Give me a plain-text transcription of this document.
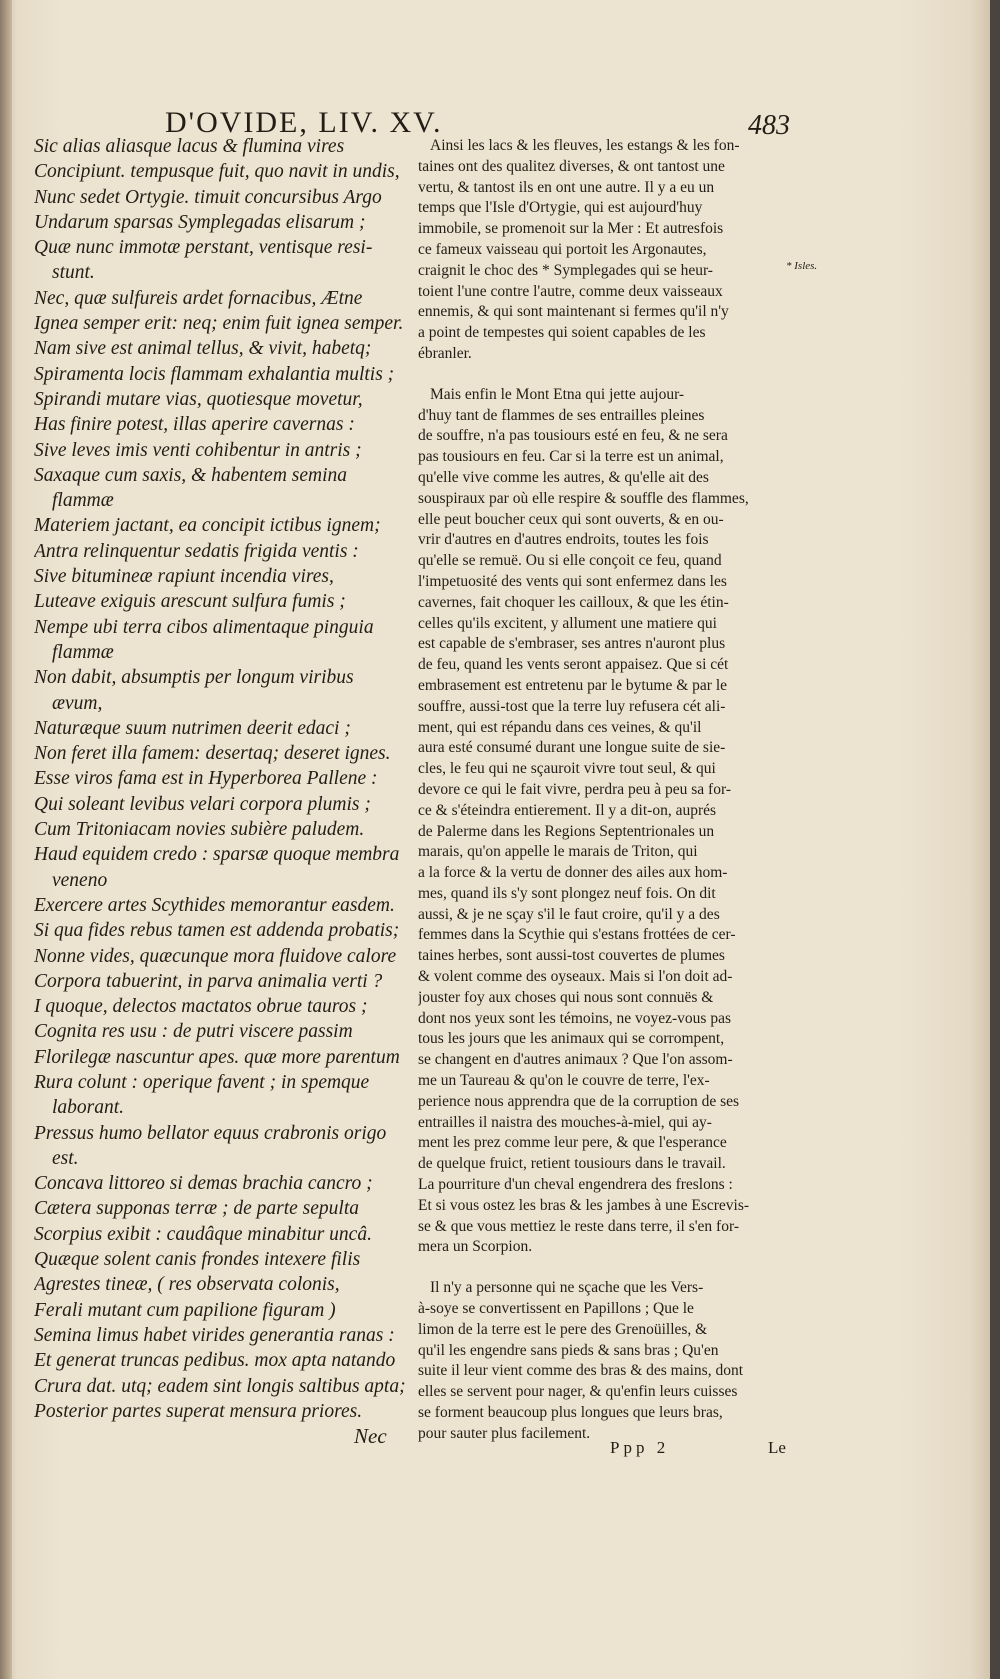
D'OVIDE, LIV. XV.	483
Sic alias aliasque lacus & flumina vires
Concipiunt. tempusque fuit, quo navit in undis,
Nunc sedet Ortygie. timuit concursibus Argo
Undarum sparsas Symplegadas elisarum ;
Quæ nunc immotæ perstant, ventisque resi-
stunt.
Nec, quæ sulfureis ardet fornacibus, Ætne
Ignea semper erit: neq; enim fuit ignea semper.
Nam sive est animal tellus, & vivit, habetq;
Spiramenta locis flammam exhalantia multis ;
Spirandi mutare vias, quotiesque movetur,
Has finire potest, illas aperire cavernas :
Sive leves imis venti cohibentur in antris ;
Saxaque cum saxis, & habentem semina
flammæ
Materiem jactant, ea concipit ictibus ignem;
Antra relinquentur sedatis frigida ventis :
Sive bitumineæ rapiunt incendia vires,
Luteave exiguis arescunt sulfura fumis ;
Nempe ubi terra cibos alimentaque pinguia
flammæ
Non dabit, absumptis per longum viribus
ævum,
Naturæque suum nutrimen deerit edaci ;
Non feret illa famem: desertaq; deseret ignes.
Esse viros fama est in Hyperborea Pallene :
Qui soleant levibus velari corpora plumis ;
Cum Tritoniacam novies subière paludem.
Haud equidem credo : sparsæ quoque membra
veneno
Exercere artes Scythides memorantur easdem.
Si qua fides rebus tamen est addenda probatis;
Nonne vides, quæcunque mora fluidove calore
Corpora tabuerint, in parva animalia verti ?
I quoque, delectos mactatos obrue tauros ;
Cognita res usu : de putri viscere passim
Florilegæ nascuntur apes. quæ more parentum
Rura colunt : operique favent ; in spemque
laborant.
Pressus humo bellator equus crabronis origo
est.
Concava littoreo si demas brachia cancro ;
Cætera supponas terræ ; de parte sepulta
Scorpius exibit : caudâque minabitur uncâ.
Quæque solent canis frondes intexere filis
Agrestes tineæ, ( res observata colonis,
Ferali mutant cum papilione figuram )
Semina limus habet virides generantia ranas :
Et generat truncas pedibus. mox apta natando
Crura dat. utq; eadem sint longis saltibus apta;
Posterior partes superat mensura priores.
Nec
Ainsi les lacs & les fleuves, les estangs & les fon-
taines ont des qualitez diverses, & ont tantost une
vertu, & tantost ils en ont une autre. Il y a eu un
temps que l'Isle d'Ortygie, qui est aujourd'huy
immobile, se promenoit sur la Mer : Et autresfois
ce fameux vaisseau qui portoit les Argonautes,
craignit le choc des * Symplegades qui se heur-
toient l'une contre l'autre, comme deux vaisseaux
ennemis, & qui sont maintenant si fermes qu'il n'y
a point de tempestes qui soient capables de les
ébranler.
Mais enfin le Mont Etna qui jette aujour-
d'huy tant de flammes de ses entrailles pleines
de souffre, n'a pas tousiours esté en feu, & ne sera
pas tousiours en feu. Car si la terre est un animal,
qu'elle vive comme les autres, & qu'elle ait des
souspiraux par où elle respire & souffle des flammes,
elle peut boucher ceux qui sont ouverts, & en ou-
vrir d'autres en d'autres endroits, toutes les fois
qu'elle se remuë. Ou si elle conçoit ce feu, quand
l'impetuosité des vents qui sont enfermez dans les
cavernes, fait choquer les cailloux, & que les étin-
celles qu'ils excitent, y allument une matiere qui
est capable de s'embraser, ses antres n'auront plus
de feu, quand les vents seront appaisez. Que si cét
embrasement est entretenu par le bytume & par le
souffre, aussi-tost que la terre luy refusera cét ali-
ment, qui est répandu dans ces veines, & qu'il
aura esté consumé durant une longue suite de sie-
cles, le feu qui ne sçauroit vivre tout seul, & qui
devore ce qui le fait vivre, perdra peu à peu sa for-
ce & s'éteindra entierement. Il y a dit-on, auprés
de Palerme dans les Regions Septentrionales un
marais, qu'on appelle le marais de Triton, qui
a la force & la vertu de donner des ailes aux hom-
mes, quand ils s'y sont plongez neuf fois. On dit
aussi, & je ne sçay s'il le faut croire, qu'il y a des
femmes dans la Scythie qui s'estans frottées de cer-
taines herbes, sont aussi-tost couvertes de plumes
& volent comme des oyseaux. Mais si l'on doit ad-
jouster foy aux choses qui nous sont connuës &
dont nos yeux sont les témoins, ne voyez-vous pas
tous les jours que les animaux qui se corrompent,
se changent en d'autres animaux ? Que l'on assom-
me un Taureau & qu'on le couvre de terre, l'ex-
perience nous apprendra que de la corruption de ses
entrailles il naistra des mouches-à-miel, qui ay-
ment les prez comme leur pere, & que l'esperance
de quelque fruict, retient tousiours dans le travail.
La pourriture d'un cheval engendrera des freslons :
Et si vous ostez les bras & les jambes à une Escrevis-
se & que vous mettiez le reste dans terre, il s'en for-
mera un Scorpion.
Il n'y a personne qui ne sçache que les Vers-
à-soye se convertissent en Papillons ; Que le
limon de la terre est le pere des Grenoüilles, &
qu'il les engendre sans pieds & sans bras ; Qu'en
suite il leur vient comme des bras & des mains, dont
elles se servent pour nager, & qu'enfin leurs cuisses
se forment beaucoup plus longues que leurs bras,
pour sauter plus facilement.
* Isles.
Ppp 2	Le
